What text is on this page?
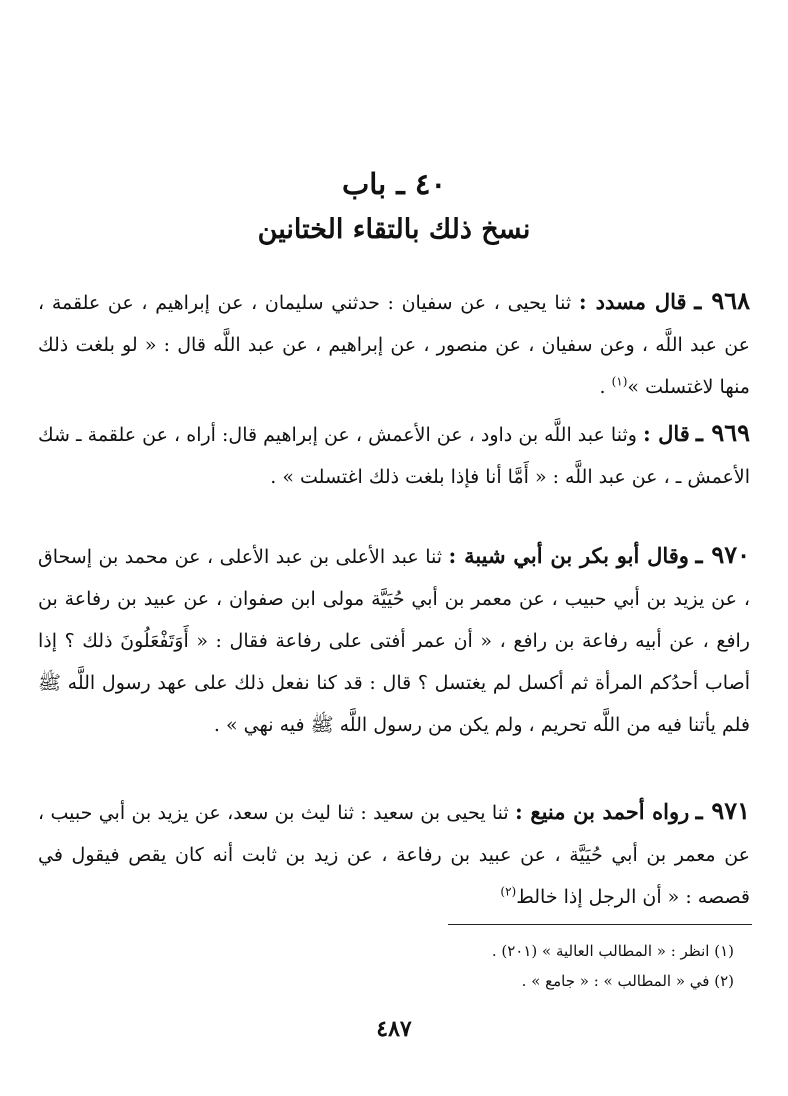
٤٠ ـ باب
نسخ ذلك بالتقاء الختانين
٩٦٨ ـ قال مسدد : ثنا يحيى ، عن سفيان : حدثني سليمان ، عن إبراهيم ، عن علقمة ، عن عبد اللَّه ، وعن سفيان ، عن منصور ، عن إبراهيم ، عن عبد اللَّه قال : « لو بلغت ذلك منها لاغتسلت »$^{(١)}$ .
٩٦٩ ـ قال : وثنا عبد اللَّه بن داود ، عن الأعمش ، عن إبراهيم قال: أراه ، عن علقمة ـ شك الأعمش ـ ، عن عبد اللَّه : « أَمَّا أنا فإذا بلغت ذلك اغتسلت » .
٩٧٠ ـ وقال أبو بكر بن أبي شيبة : ثنا عبد الأعلى بن عبد الأعلى ، عن محمد بن إسحاق ، عن يزيد بن أبي حبيب ، عن معمر بن أبي حُيَيَّة مولى ابن صفوان ، عن عبيد بن رفاعة بن رافع ، عن أبيه رفاعة بن رافع ، « أن عمر أفتى على رفاعة فقال : « أَوَتَفْعَلُونَ ذلك ؟ إذا أصاب أحدُكم المرأة ثم أكسل لم يغتسل ؟ قال : قد كنا نفعل ذلك على عهد رسول اللَّه ﷺ فلم يأتنا فيه من اللَّه تحريم ، ولم يكن من رسول اللَّه ﷺ فيه نهي » .
٩٧١ ـ رواه أحمد بن منيع : ثنا يحيى بن سعيد : ثنا ليث بن سعد، عن يزيد بن أبي حبيب ، عن معمر بن أبي حُيَيَّة ، عن عبيد بن رفاعة ، عن زيد بن ثابت أنه كان يقص فيقول في قصصه : « أن الرجل إذا خالط$^{(٢)}$
(١) انظر : « المطالب العالية » (٢٠١) .
(٢) في « المطالب » : « جامع » .
٤٨٧
